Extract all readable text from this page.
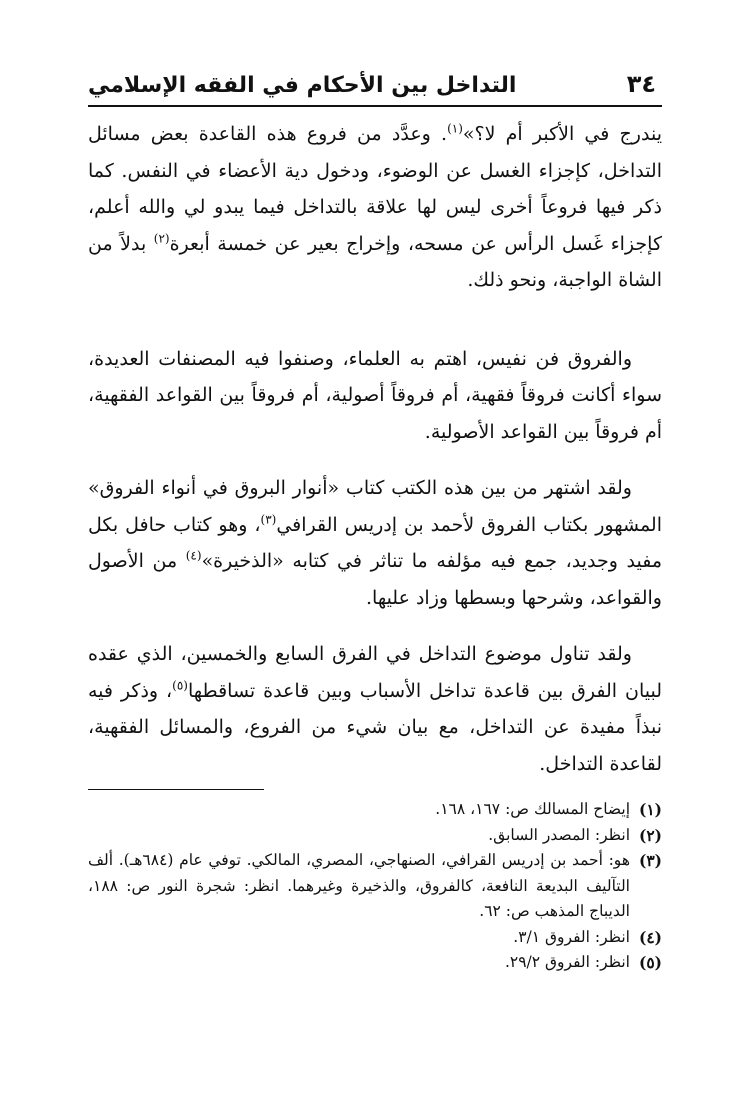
٣٤
التداخل بين الأحكام في الفقه الإسلامي

يندرج في الأكبر أم لا؟»$^{(١)}$. وعدَّد من فروع هذه القاعدة بعض مسائل التداخل، كإجزاء الغسل عن الوضوء، ودخول دية الأعضاء في النفس. كما ذكر فيها فروعاً أخرى ليس لها علاقة بالتداخل فيما يبدو لي والله أعلم، كإجزاء غَسل الرأس عن مسحه، وإخراج بعير عن خمسة أبعرة$^{(٢)}$ بدلاً من الشاة الواجبة، ونحو ذلك.

والفروق فن نفيس، اهتم به العلماء، وصنفوا فيه المصنفات العديدة، سواء أكانت فروقاً فقهية، أم فروقاً أصولية، أم فروقاً بين القواعد الفقهية، أم فروقاً بين القواعد الأصولية.

ولقد اشتهر من بين هذه الكتب كتاب «أنوار البروق في أنواء الفروق» المشهور بكتاب الفروق لأحمد بن إدريس القرافي$^{(٣)}$، وهو كتاب حافل بكل مفيد وجديد، جمع فيه مؤلفه ما تناثر في كتابه «الذخيرة»$^{(٤)}$ من الأصول والقواعد، وشرحها وبسطها وزاد عليها.

ولقد تناول موضوع التداخل في الفرق السابع والخمسين، الذي عقده لبيان الفرق بين قاعدة تداخل الأسباب وبين قاعدة تساقطها$^{(٥)}$، وذكر فيه نبذاً مفيدة عن التداخل، مع بيان شيء من الفروع، والمسائل الفقهية، لقاعدة التداخل.

(١)
إيضاح المسالك ص: ١٦٧، ١٦٨.
(٢)
انظر: المصدر السابق.
(٣)
هو: أحمد بن إدريس القرافي، الصنهاجي، المصري، المالكي. توفي عام (٦٨٤هـ). ألف التآليف البديعة النافعة، كالفروق، والذخيرة وغيرهما. انظر: شجرة النور ص: ١٨٨، الديباج المذهب ص: ٦٢.
(٤)
انظر: الفروق ٣/١.
(٥)
انظر: الفروق ٢٩/٢.
